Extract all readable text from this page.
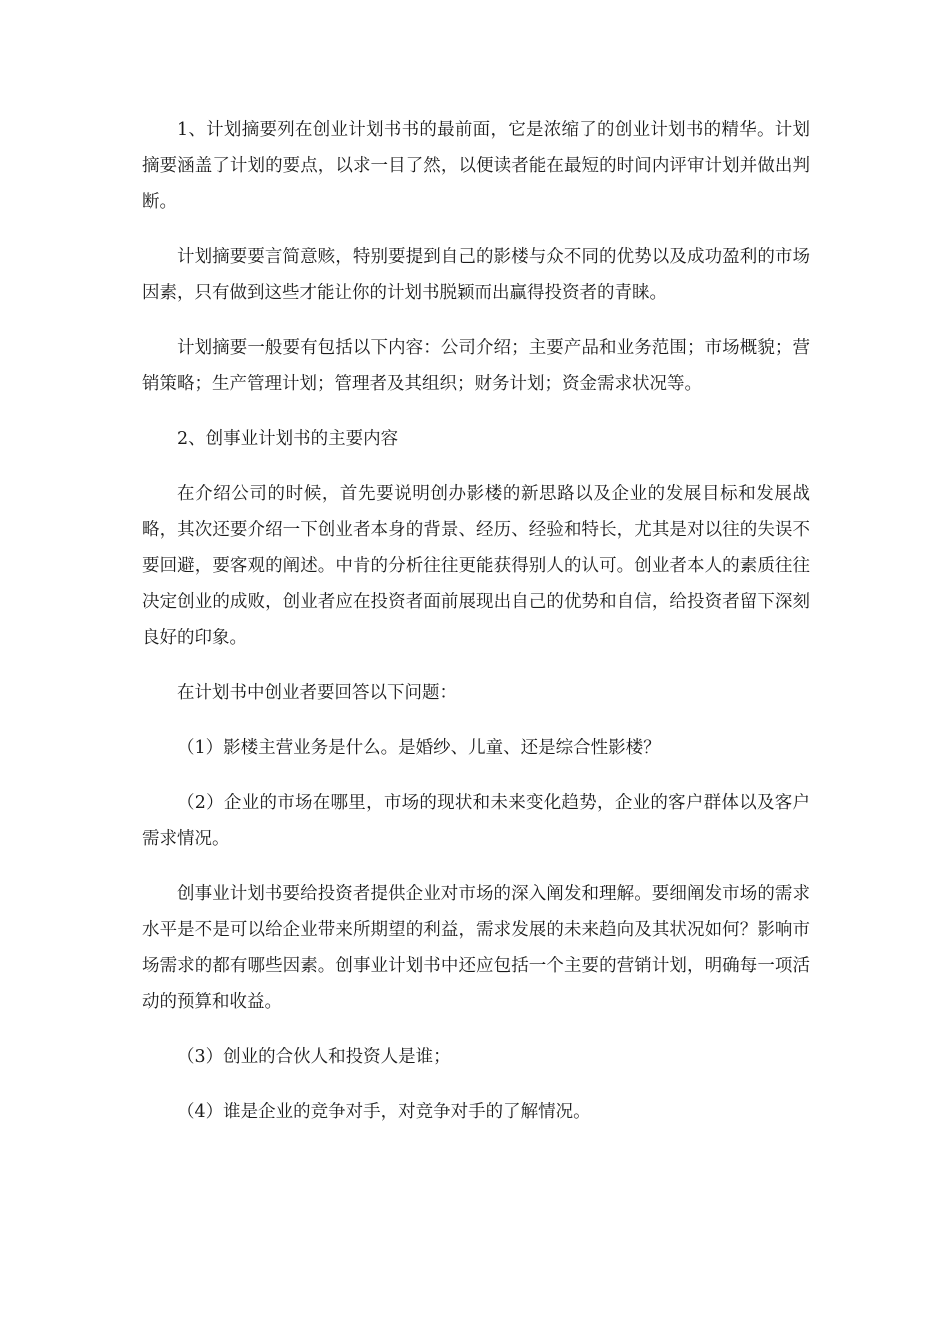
1、计划摘要列在创业计划书书的最前面，它是浓缩了的创业计划书的精华。计划摘要涵盖了计划的要点，以求一目了然，以便读者能在最短的时间内评审计划并做出判断。

计划摘要要言简意赅，特别要提到自己的影楼与众不同的优势以及成功盈利的市场因素，只有做到这些才能让你的计划书脱颖而出赢得投资者的青睐。

计划摘要一般要有包括以下内容：公司介绍；主要产品和业务范围；市场概貌；营销策略；生产管理计划；管理者及其组织；财务计划；资金需求状况等。

2、创事业计划书的主要内容

在介绍公司的时候，首先要说明创办影楼的新思路以及企业的发展目标和发展战略，其次还要介绍一下创业者本身的背景、经历、经验和特长，尤其是对以往的失误不要回避，要客观的阐述。中肯的分析往往更能获得别人的认可。创业者本人的素质往往决定创业的成败，创业者应在投资者面前展现出自己的优势和自信，给投资者留下深刻良好的印象。

在计划书中创业者要回答以下问题：

（1）影楼主营业务是什么。是婚纱、儿童、还是综合性影楼？

（2）企业的市场在哪里，市场的现状和未来变化趋势，企业的客户群体以及客户需求情况。

创事业计划书要给投资者提供企业对市场的深入阐发和理解。要细阐发市场的需求水平是不是可以给企业带来所期望的利益，需求发展的未来趋向及其状况如何？影响市场需求的都有哪些因素。创事业计划书中还应包括一个主要的营销计划，明确每一项活动的预算和收益。

（3）创业的合伙人和投资人是谁；

（4）谁是企业的竞争对手，对竞争对手的了解情况。
